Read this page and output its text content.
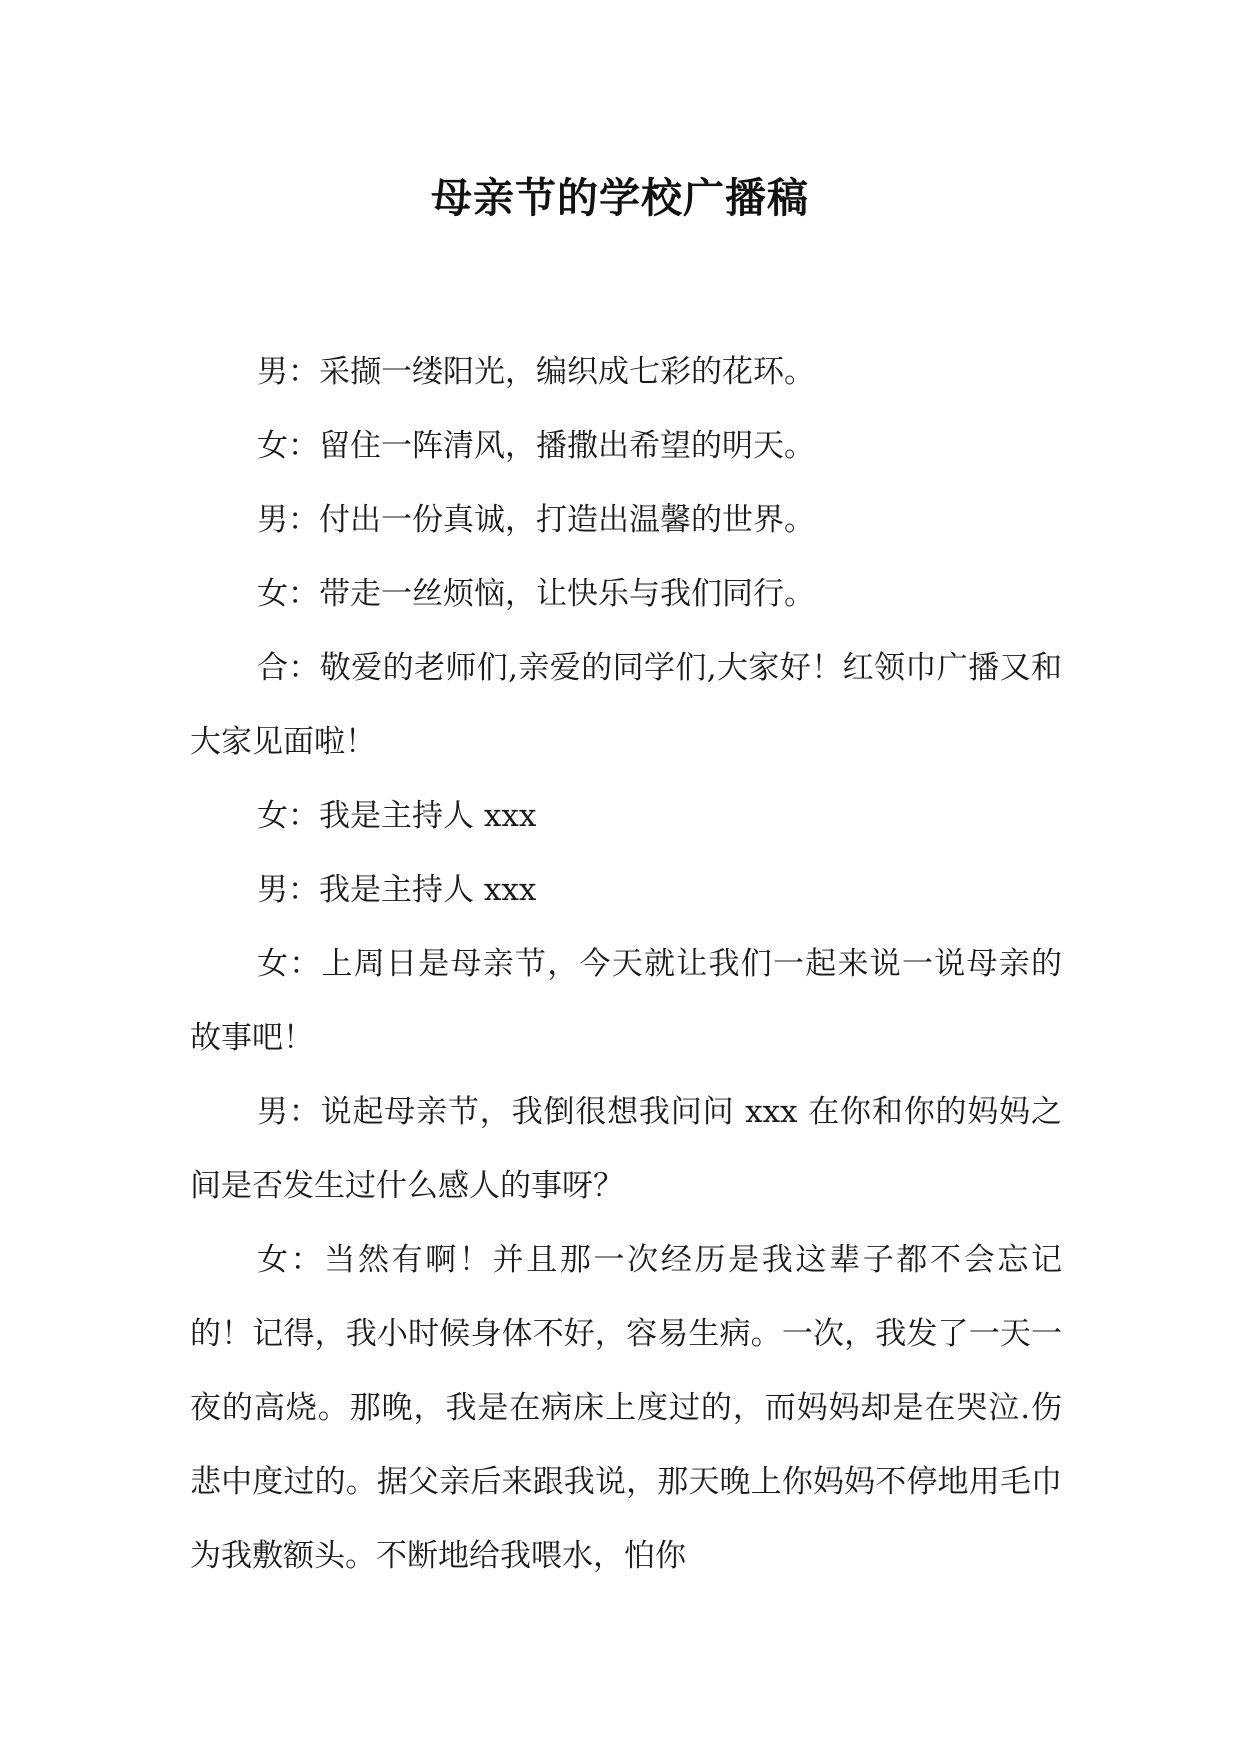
母亲节的学校广播稿

男：采撷一缕阳光，编织成七彩的花环。

女：留住一阵清风，播撒出希望的明天。

男：付出一份真诚，打造出温馨的世界。

女：带走一丝烦恼，让快乐与我们同行。

合：敬爱的老师们,亲爱的同学们,大家好！红领巾广播又和大家见面啦！

女：我是主持人 xxx

男：我是主持人 xxx

女：上周日是母亲节，今天就让我们一起来说一说母亲的故事吧！

男：说起母亲节，我倒很想我问问 xxx 在你和你的妈妈之间是否发生过什么感人的事呀？

女：当然有啊！并且那一次经历是我这辈子都不会忘记的！记得，我小时候身体不好，容易生病。一次，我发了一天一夜的高烧。那晚，我是在病床上度过的，而妈妈却是在哭泣.伤悲中度过的。据父亲后来跟我说，那天晚上你妈妈不停地用毛巾为我敷额头。不断地给我喂水，怕你
